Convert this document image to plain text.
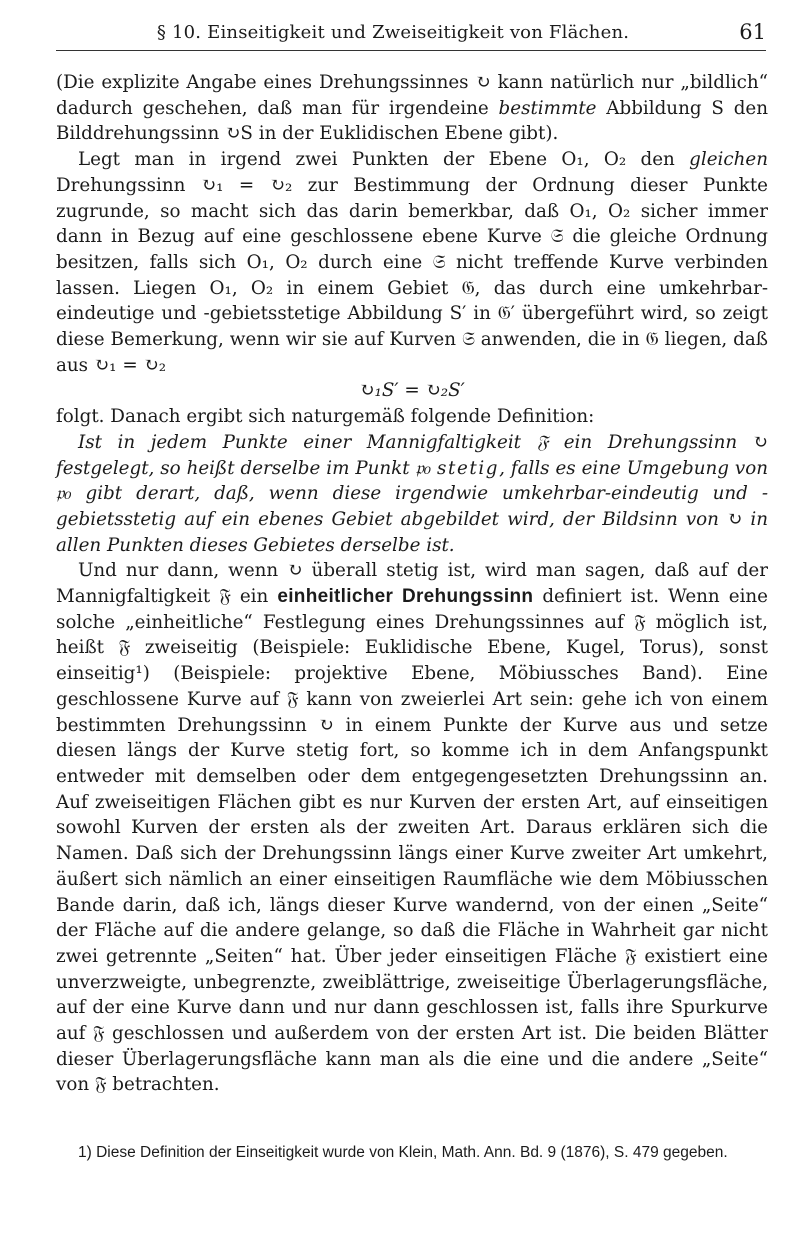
§ 10. Einseitigkeit und Zweiseitigkeit von Flächen.	61

(Die explizite Angabe eines Drehungssinnes ↻ kann natürlich nur „bildlich“ dadurch geschehen, daß man für irgendeine bestimmte Abbildung S den Bilddrehungssinn ↻S in der Euklidischen Ebene gibt).

Legt man in irgend zwei Punkten der Ebene O₁, O₂ den gleichen Drehungssinn ↻₁ = ↻₂ zur Bestimmung der Ordnung dieser Punkte zugrunde, so macht sich das darin bemerkbar, daß O₁, O₂ sicher immer dann in Bezug auf eine geschlossene ebene Kurve 𝔖 die gleiche Ordnung besitzen, falls sich O₁, O₂ durch eine 𝔖 nicht treffende Kurve verbinden lassen. Liegen O₁, O₂ in einem Gebiet 𝔊, das durch eine umkehrbar-eindeutige und -gebietsstetige Abbildung S′ in 𝔊′ übergeführt wird, so zeigt diese Bemerkung, wenn wir sie auf Kurven 𝔖 anwenden, die in 𝔊 liegen, daß aus ↻₁ = ↻₂

↻₁S′ = ↻₂S′

folgt. Danach ergibt sich naturgemäß folgende Definition:

Ist in jedem Punkte einer Mannigfaltigkeit 𝔉 ein Drehungssinn ↻ festgelegt, so heißt derselbe im Punkt 𝔭₀ stetig, falls es eine Umgebung von 𝔭₀ gibt derart, daß, wenn diese irgendwie umkehrbar-eindeutig und -gebietsstetig auf ein ebenes Gebiet abgebildet wird, der Bildsinn von ↻ in allen Punkten dieses Gebietes derselbe ist.

Und nur dann, wenn ↻ überall stetig ist, wird man sagen, daß auf der Mannigfaltigkeit 𝔉 ein einheitlicher Drehungssinn definiert ist. Wenn eine solche „einheitliche“ Festlegung eines Drehungssinnes auf 𝔉 möglich ist, heißt 𝔉 zweiseitig (Beispiele: Euklidische Ebene, Kugel, Torus), sonst einseitig¹) (Beispiele: projektive Ebene, Möbiussches Band). Eine geschlossene Kurve auf 𝔉 kann von zweierlei Art sein: gehe ich von einem bestimmten Drehungssinn ↻ in einem Punkte der Kurve aus und setze diesen längs der Kurve stetig fort, so komme ich in dem Anfangspunkt entweder mit demselben oder dem entgegengesetzten Drehungssinn an. Auf zweiseitigen Flächen gibt es nur Kurven der ersten Art, auf einseitigen sowohl Kurven der ersten als der zweiten Art. Daraus erklären sich die Namen. Daß sich der Drehungssinn längs einer Kurve zweiter Art umkehrt, äußert sich nämlich an einer einseitigen Raumfläche wie dem Möbiusschen Bande darin, daß ich, längs dieser Kurve wandernd, von der einen „Seite“ der Fläche auf die andere gelange, so daß die Fläche in Wahrheit gar nicht zwei getrennte „Seiten“ hat. Über jeder einseitigen Fläche 𝔉 existiert eine unverzweigte, unbegrenzte, zweiblättrige, zweiseitige Überlagerungsfläche, auf der eine Kurve dann und nur dann geschlossen ist, falls ihre Spurkurve auf 𝔉 geschlossen und außerdem von der ersten Art ist. Die beiden Blätter dieser Überlagerungsfläche kann man als die eine und die andere „Seite“ von 𝔉 betrachten.

1) Diese Definition der Einseitigkeit wurde von Klein, Math. Ann. Bd. 9 (1876), S. 479 gegeben.
